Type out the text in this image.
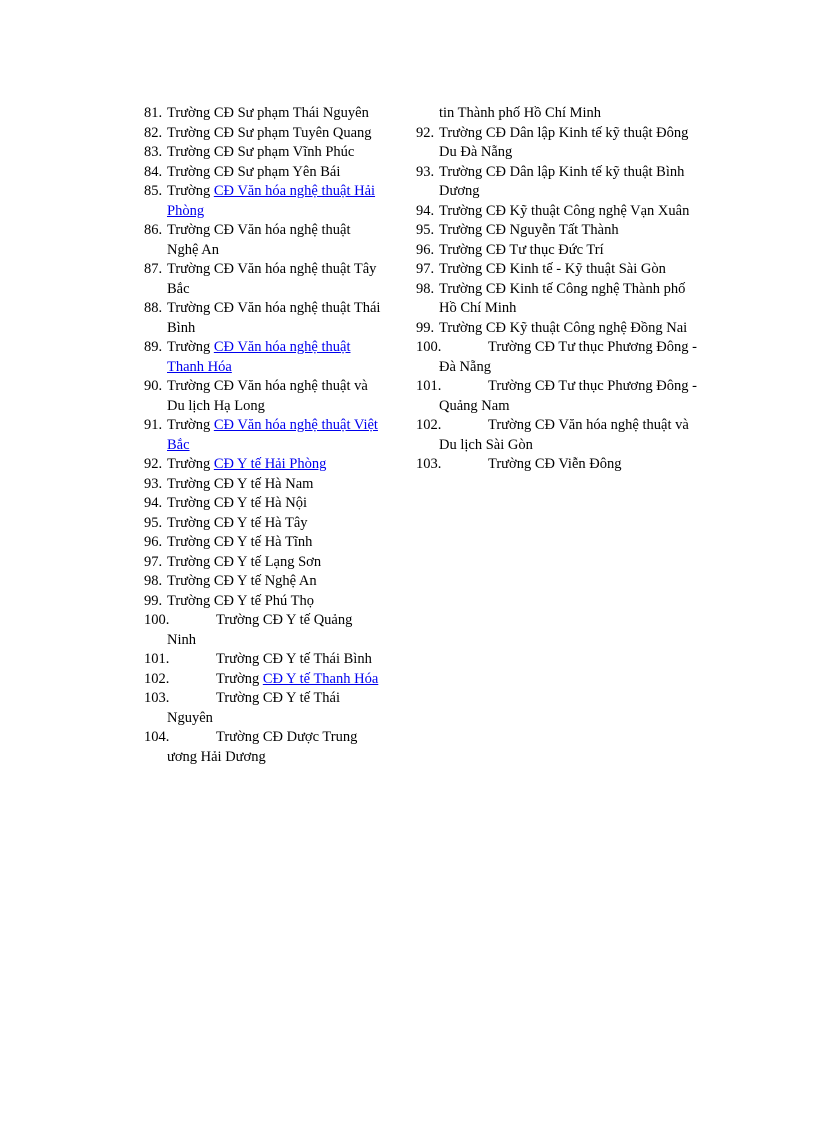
81. Trường CĐ Sư phạm Thái Nguyên
82. Trường CĐ Sư phạm Tuyên Quang
83. Trường CĐ Sư phạm Vĩnh Phúc
84. Trường CĐ Sư phạm Yên Bái
85. Trường CĐ Văn hóa nghệ thuật Hải Phòng
86. Trường CĐ Văn hóa nghệ thuật Nghệ An
87. Trường CĐ Văn hóa nghệ thuật Tây Bắc
88. Trường CĐ Văn hóa nghệ thuật Thái Bình
89. Trường CĐ Văn hóa nghệ thuật Thanh Hóa
90. Trường CĐ Văn hóa nghệ thuật và Du lịch Hạ Long
91. Trường CĐ Văn hóa nghệ thuật Việt Bắc
92. Trường CĐ Y tế Hải Phòng
93. Trường CĐ Y tế Hà Nam
94. Trường CĐ Y tế Hà Nội
95. Trường CĐ Y tế Hà Tây
96. Trường CĐ Y tế Hà Tĩnh
97. Trường CĐ Y tế Lạng Sơn
98. Trường CĐ Y tế Nghệ An
99. Trường CĐ Y tế Phú Thọ
100.	Trường CĐ Y tế Quảng Ninh
101.	Trường CĐ Y tế Thái Bình
102.	Trường CĐ Y tế Thanh Hóa
103.	Trường CĐ Y tế Thái Nguyên
104.	Trường CĐ Dược Trung ương Hải Dương
tin Thành phố Hồ Chí Minh
92. Trường CĐ Dân lập Kinh tế kỹ thuật Đông Du Đà Nẵng
93. Trường CĐ Dân lập Kinh tế kỹ thuật Bình Dương
94. Trường CĐ Kỹ thuật Công nghệ Vạn Xuân
95. Trường CĐ Nguyễn Tất Thành
96. Trường CĐ Tư thục Đức Trí
97. Trường CĐ Kinh tế - Kỹ thuật Sài Gòn
98. Trường CĐ Kinh tế Công nghệ Thành phố Hồ Chí Minh
99. Trường CĐ Kỹ thuật Công nghệ Đồng Nai
100.	Trường CĐ Tư thục Phương Đông - Đà Nẵng
101.	Trường CĐ Tư thục Phương Đông - Quảng Nam
102.	Trường CĐ Văn hóa nghệ thuật và Du lịch Sài Gòn
103.	Trường CĐ Viễn Đông
